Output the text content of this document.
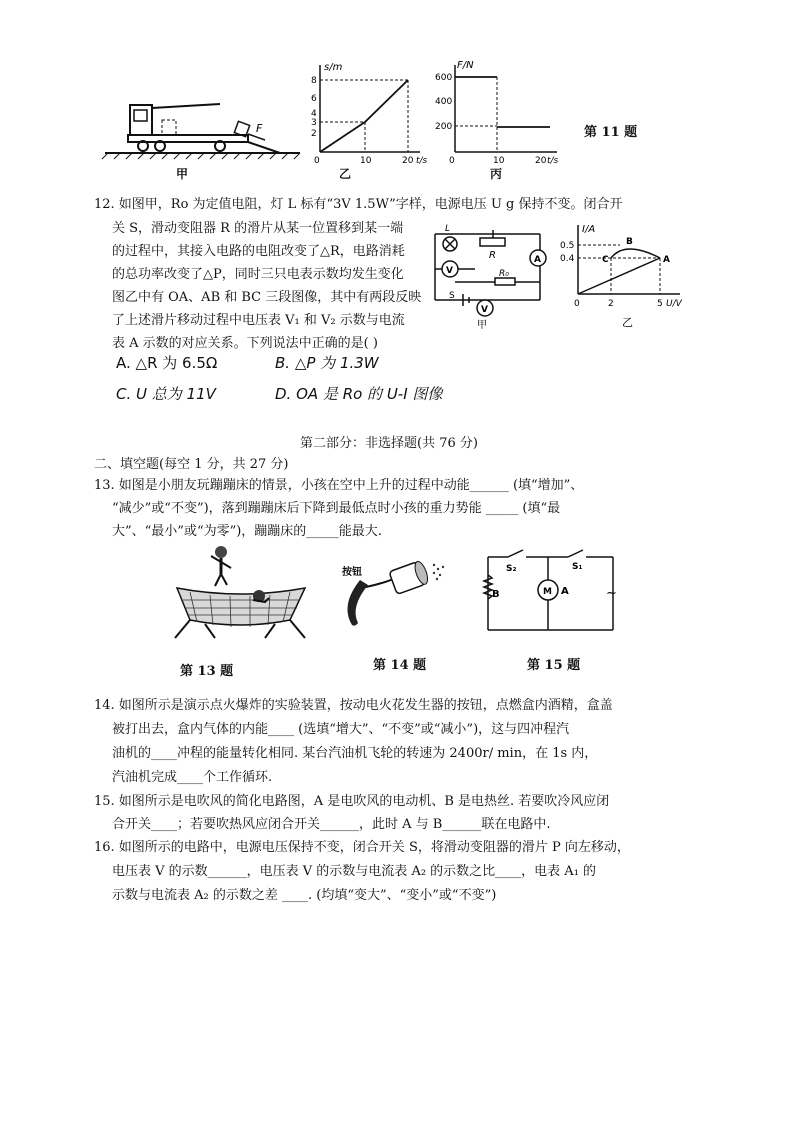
F
s/m
8
6
4
3
2
0	10	20 t/s
F/N
600
400
200
0	10	20 t/s
甲	乙	丙
第 11 题
12. 如图甲，Ro 为定值电阻，灯 L 标有“3V 1.5W”字样，电源电压 U g 保持不变。闭合开
关 S，滑动变阻器 R 的滑片从某一位置移到某一端
的过程中，其接入电路的电阻改变了△R，电路消耗
的总功率改变了△P，同时三只电表示数均发生变化
图乙中有 OA、AB 和 BC 三段图像，其中有两段反映
了上述滑片移动过程中电压表 V₁ 和 V₂ 示数与电流
表 A 示数的对应关系。下列说法中正确的是( )
L
R	A
V	R₀
S
V
甲
I/A
0.5
0.4
0	2	5 U/V
B
C	A
乙
A. △R 为 6.5Ω	B. △P 为 1.3W
C. U 总为 11V	D. OA 是 Ro 的 U-I 图像
第二部分：非选择题(共 76 分)
二、填空题(每空 1 分，共 27 分)
13. 如图是小朋友玩蹦蹦床的情景，小孩在空中上升的过程中动能______ (填“增加”、
“减少”或“不变”)，落到蹦蹦床后下降到最低点时小孩的重力势能 _____ (填“最
大”、“最小”或“为零”)，蹦蹦床的_____能最大.
第 13 题
按钮
第 14 题
S₂	S₁
B	M A	~
第 15 题
14. 如图所示是演示点火爆炸的实验装置，按动电火花发生器的按钮，点燃盒内酒精，盒盖
被打出去，盒内气体的内能____ (选填“增大”、“不变”或“减小”)，这与四冲程汽
油机的____冲程的能量转化相同. 某台汽油机飞轮的转速为 2400r/ min，在 1s 内，
汽油机完成____个工作循环.
15. 如图所示是电吹风的简化电路图，A 是电吹风的电动机、B 是电热丝. 若要吹冷风应闭
合开关____；若要吹热风应闭合开关______，此时 A 与 B______联在电路中.
16. 如图所示的电路中，电源电压保持不变，闭合开关 S，将滑动变阻器的滑片 P 向左移动，
电压表 V 的示数______，电压表 V 的示数与电流表 A₂ 的示数之比____，电表 A₁ 的
示数与电流表 A₂ 的示数之差 ____. (均填“变大”、“变小”或“不变”)
